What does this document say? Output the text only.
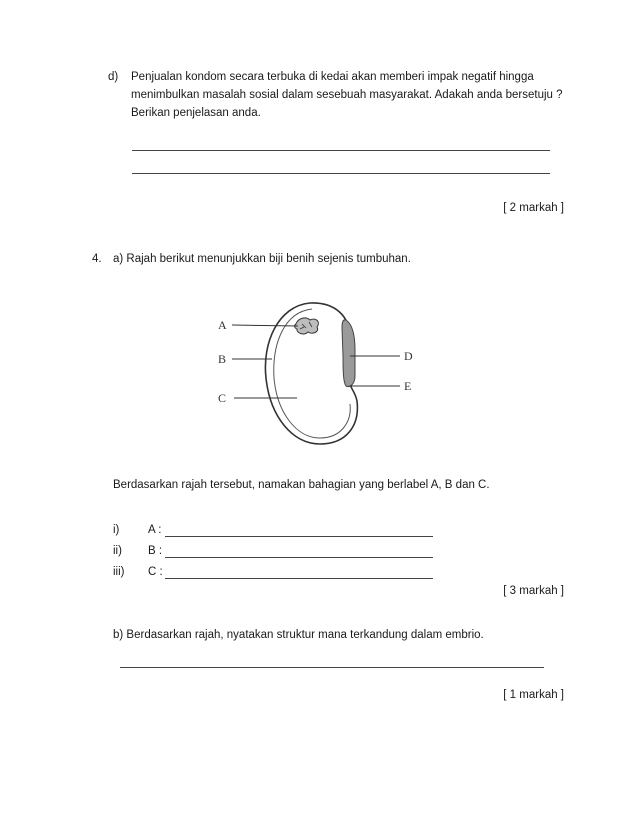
d) Penjualan kondom secara terbuka di kedai akan memberi impak negatif hingga
menimbulkan masalah sosial dalam sesebuah masyarakat. Adakah anda bersetuju ?
Berikan penjelasan anda.
[ 2 markah ]
4. a) Rajah berikut menunjukkan biji benih sejenis tumbuhan.
A
B
C
D
E
Berdasarkan rajah tersebut, namakan bahagian yang berlabel A, B dan C.
i) A :
ii) B :
iii) C :
[ 3 markah ]
b) Berdasarkan rajah, nyatakan struktur mana terkandung dalam embrio.
[ 1 markah ]
